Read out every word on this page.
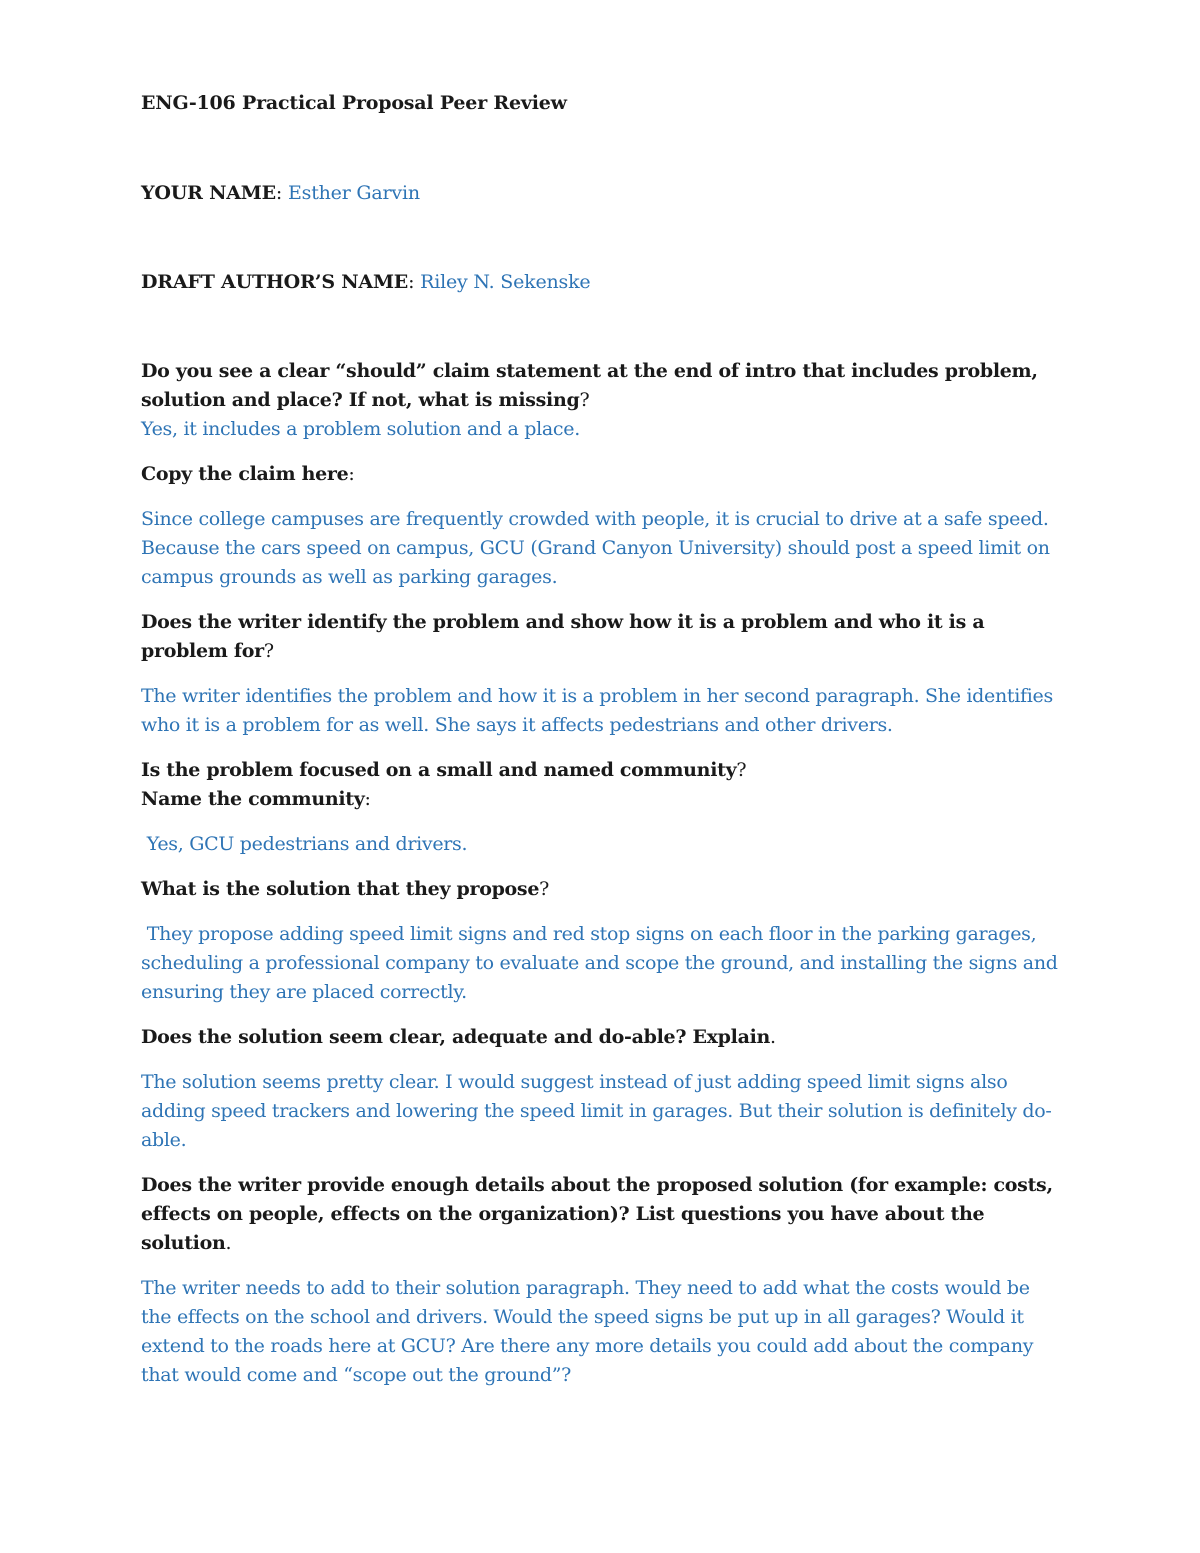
ENG-106 Practical Proposal Peer Review

YOUR NAME: Esther Garvin

DRAFT AUTHOR’S NAME: Riley N. Sekenske

Do you see a clear “should” claim statement at the end of intro that includes problem, solution and place? If not, what is missing?

Yes, it includes a problem solution and a place.

Copy the claim here:

Since college campuses are frequently crowded with people, it is crucial to drive at a safe speed. Because the cars speed on campus, GCU (Grand Canyon University) should post a speed limit on campus grounds as well as parking garages.

Does the writer identify the problem and show how it is a problem and who it is a problem for?

The writer identifies the problem and how it is a problem in her second paragraph. She identifies who it is a problem for as well. She says it affects pedestrians and other drivers.

Is the problem focused on a small and named community?

Name the community:

Yes, GCU pedestrians and drivers.

What is the solution that they propose?

They propose adding speed limit signs and red stop signs on each floor in the parking garages, scheduling a professional company to evaluate and scope the ground, and installing the signs and ensuring they are placed correctly.

Does the solution seem clear, adequate and do-able? Explain.

The solution seems pretty clear. I would suggest instead of just adding speed limit signs also adding speed trackers and lowering the speed limit in garages. But their solution is definitely do-able.

Does the writer provide enough details about the proposed solution (for example: costs, effects on people, effects on the organization)? List questions you have about the solution.

The writer needs to add to their solution paragraph. They need to add what the costs would be the effects on the school and drivers. Would the speed signs be put up in all garages? Would it extend to the roads here at GCU? Are there any more details you could add about the company that would come and “scope out the ground”?
